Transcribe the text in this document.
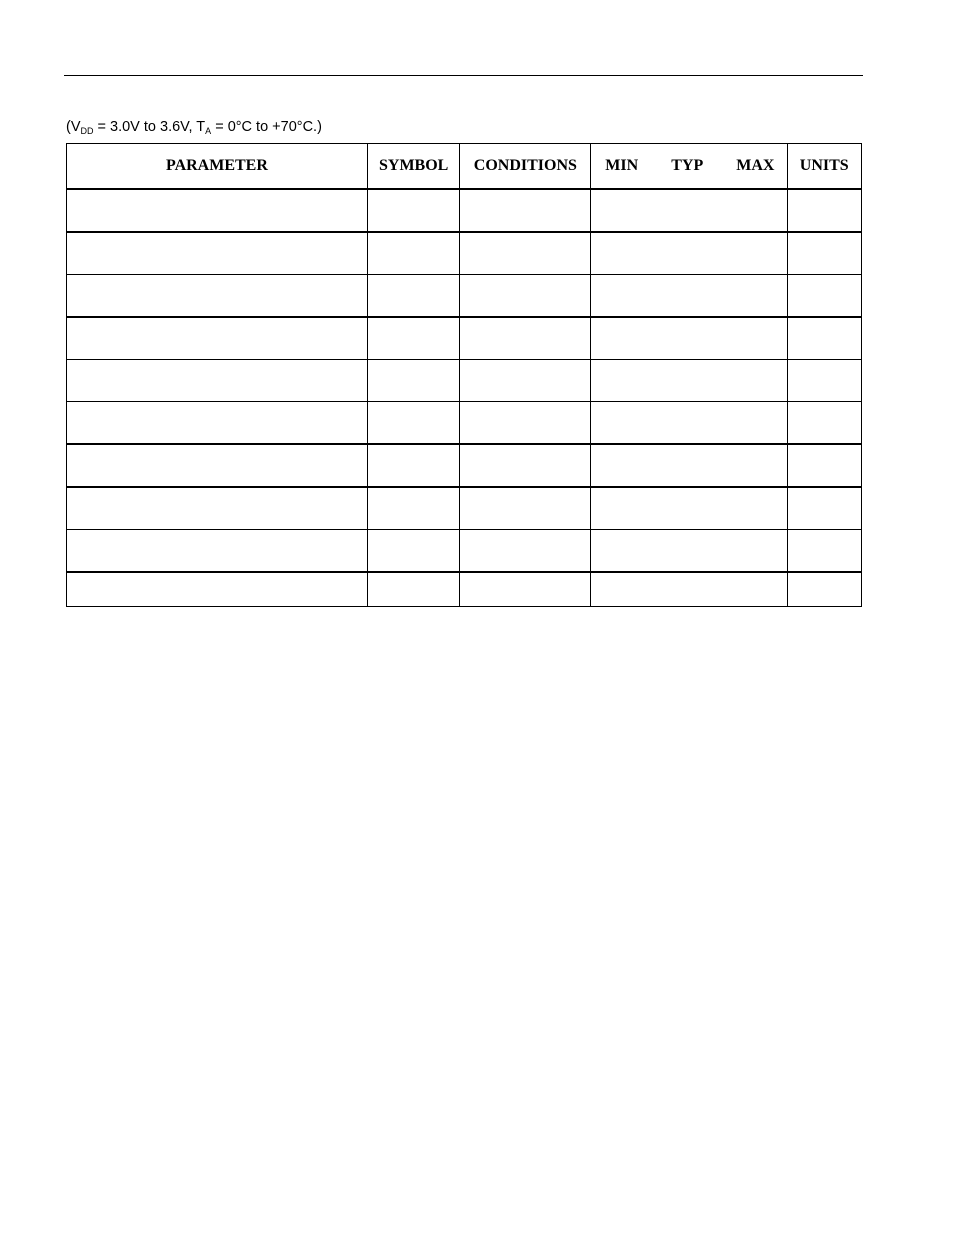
($V_{DD} = 3.0V$ to 3.6V, $T_A = 0^\circ C$ to +70°C.)
PARAMETER	SYMBOL	CONDITIONS	MIN TYP MAX	UNITS
